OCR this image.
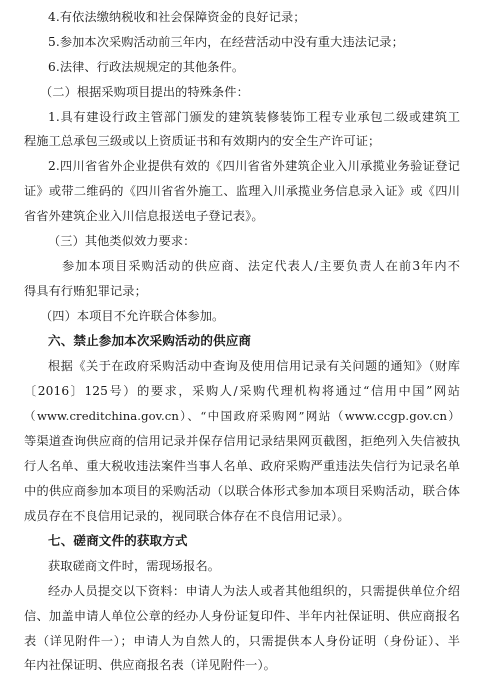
4.有依法缴纳税收和社会保障资金的良好记录；
5.参加本次采购活动前三年内，在经营活动中没有重大违法记录；
6.法律、行政法规规定的其他条件。
（二）根据采购项目提出的特殊条件：
1.具有建设行政主管部门颁发的建筑装修装饰工程专业承包二级或建筑工
程施工总承包三级或以上资质证书和有效期内的安全生产许可证；
2.四川省省外企业提供有效的《四川省省外建筑企业入川承揽业务验证登记
证》或带二维码的《四川省省外施工、监理入川承揽业务信息录入证》或《四川
省省外建筑企业入川信息报送电子登记表》。
（三）其他类似效力要求：
参加本项目采购活动的供应商、法定代表人/主要负责人在前3年内不
得具有行贿犯罪记录；
（四）本项目不允许联合体参加。
六、禁止参加本次采购活动的供应商
根据《关于在政府采购活动中查询及使用信用记录有关问题的通知》（财库
〔2016〕125号）的要求，采购人/采购代理机构将通过“信用中国”网站
（www.creditchina.gov.cn）、“中国政府采购网”网站（www.ccgp.gov.cn）
等渠道查询供应商的信用记录并保存信用记录结果网页截图，拒绝列入失信被执
行人名单、重大税收违法案件当事人名单、政府采购严重违法失信行为记录名单
中的供应商参加本项目的采购活动（以联合体形式参加本项目采购活动，联合体
成员存在不良信用记录的，视同联合体存在不良信用记录）。
七、磋商文件的获取方式
获取磋商文件时，需现场报名。
经办人员提交以下资料：申请人为法人或者其他组织的，只需提供单位介绍
信、加盖申请人单位公章的经办人身份证复印件、半年内社保证明、供应商报名
表（详见附件一）；申请人为自然人的，只需提供本人身份证明（身份证）、半
年内社保证明、供应商报名表（详见附件一）。
